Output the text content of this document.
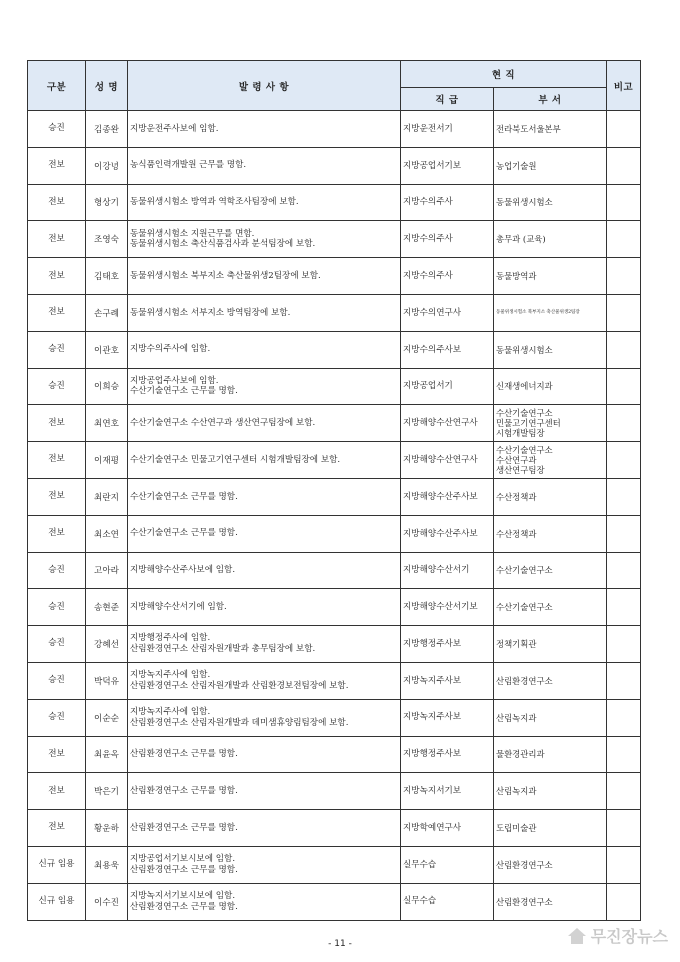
구분	성 명	발 령 사 항	현 직		비고
			직 급	부 서	
승진	김종완	지방운전주사보에 임함.	지방운전서기	전라북도서울본부	

전보	이강녕	농식품인력개발원 근무를 명함.	지방공업서기보	농업기술원	

전보	형상기	동물위생시험소 방역과 역학조사팀장에 보함.	지방수의주사	동물위생시험소	

전보	조영숙	동물위생시험소 지원근무를 면함.
동물위생시험소 축산식품검사과 분석팀장에 보함.	지방수의주사	총무과 (교육)	

전보	김태호	동물위생시험소 북부지소 축산물위생2팀장에 보함.	지방수의주사	동물방역과	

전보	손구례	동물위생시험소 서부지소 방역팀장에 보함.	지방수의연구사	동물위생시험소 북부지소 축산물위생2팀장	

승진	이관호	지방수의주사에 임함.	지방수의주사보	동물위생시험소	

승진	이희승	지방공업주사보에 임함.
수산기술연구소 근무를 명함.	지방공업서기	신재생에너지과	

전보	최연호	수산기술연구소 수산연구과 생산연구팀장에 보함.	지방해양수산연구사	수산기술연구소
민물고기연구센터
시험개발팀장	

전보	이재평	수산기술연구소 민물고기연구센터 시험개발팀장에 보함.	지방해양수산연구사	수산기술연구소
수산연구과
생산연구팀장	

전보	최란지	수산기술연구소 근무를 명함.	지방해양수산주사보	수산정책과	

전보	최소연	수산기술연구소 근무를 명함.	지방해양수산주사보	수산정책과	

승진	고아라	지방해양수산주사보에 임함.	지방해양수산서기	수산기술연구소	

승진	송현준	지방해양수산서기에 임함.	지방해양수산서기보	수산기술연구소	

승진	강혜선	지방행정주사에 임함.
산림환경연구소 산림자원개발과 총무팀장에 보함.	지방행정주사보	정책기획관	

승진	박덕유	지방녹지주사에 임함.
산림환경연구소 산림자원개발과 산림환경보전팀장에 보함.	지방녹지주사보	산림환경연구소	

승진	이순순	지방녹지주사에 임함.
산림환경연구소 산림자원개발과 데미샘휴양림팀장에 보함.	지방녹지주사보	산림녹지과	

전보	최윤옥	산림환경연구소 근무를 명함.	지방행정주사보	물환경관리과	

전보	박은기	산림환경연구소 근무를 명함.	지방녹지서기보	산림녹지과	

전보	황운하	산림환경연구소 근무를 명함.	지방학예연구사	도립미술관	

신규 임용	최용욱	지방공업서기보시보에 임함.
산림환경연구소 근무를 명함.	실무수습	산림환경연구소	

신규 임용	이수진	지방녹지서기보시보에 임함.
산림환경연구소 근무를 명함.	실무수습	산림환경연구소	

- 11 -	무진장뉴스
